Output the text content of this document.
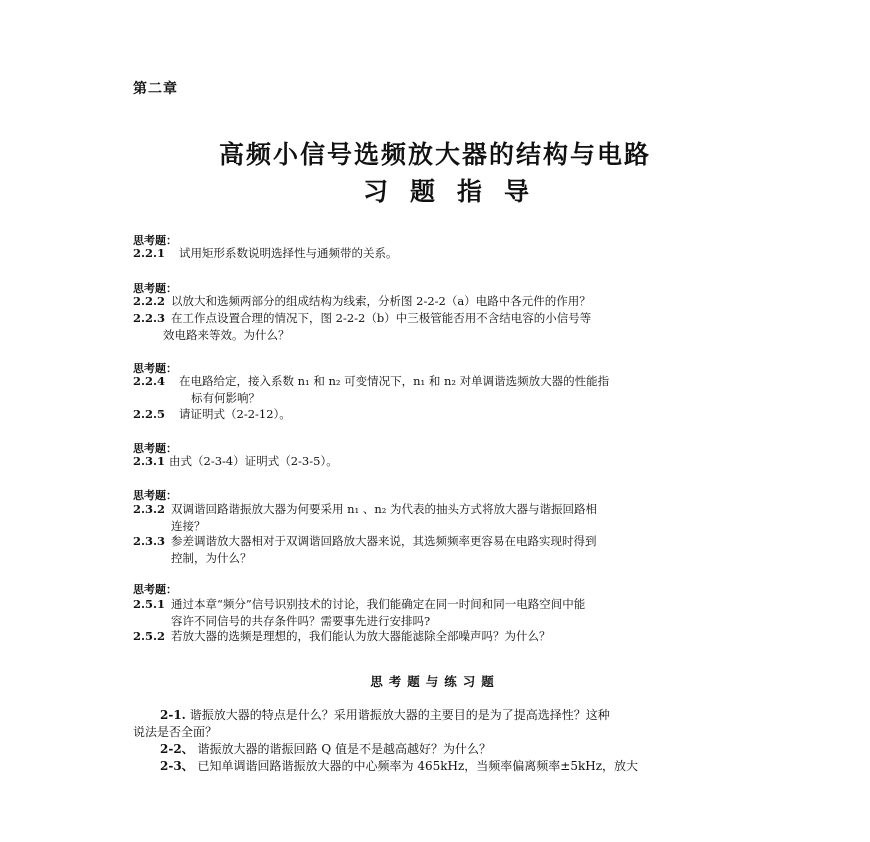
第二章
高频小信号选频放大器的结构与电路
习题指导
思考题：
2.2.1 试用矩形系数说明选择性与通频带的关系。
思考题：
2.2.2 以放大和选频两部分的组成结构为线索，分析图 2-2-2（a）电路中各元件的作用？
2.2.3 在工作点设置合理的情况下，图 2-2-2（b）中三极管能否用不含结电容的小信号等
效电路来等效。为什么？
思考题：
2.2.4 在电路给定，接入系数 n₁ 和 n₂ 可变情况下，n₁ 和 n₂ 对单调谐选频放大器的性能指
标有何影响？
2.2.5 请证明式（2-2-12）。
思考题：
2.3.1 由式（2-3-4）证明式（2-3-5）。
思考题：
2.3.2 双调谐回路谐振放大器为何要采用 n₁ 、n₂ 为代表的抽头方式将放大器与谐振回路相
连接？
2.3.3 参差调谐放大器相对于双调谐回路放大器来说，其选频频率更容易在电路实现时得到
控制，为什么？
思考题：
2.5.1 通过本章“频分”信号识别技术的讨论，我们能确定在同一时间和同一电路空间中能
容许不同信号的共存条件吗？需要事先进行安排吗?
2.5.2 若放大器的选频是理想的，我们能认为放大器能滤除全部噪声吗？为什么？
思考题与练习题
2-1. 谐振放大器的特点是什么？采用谐振放大器的主要目的是为了提高选择性？这种
说法是否全面？
2-2、 谐振放大器的谐振回路 Q 值是不是越高越好？为什么？
2-3、 已知单调谐回路谐振放大器的中心频率为 465kHz，当频率偏离频率±5kHz，放大
